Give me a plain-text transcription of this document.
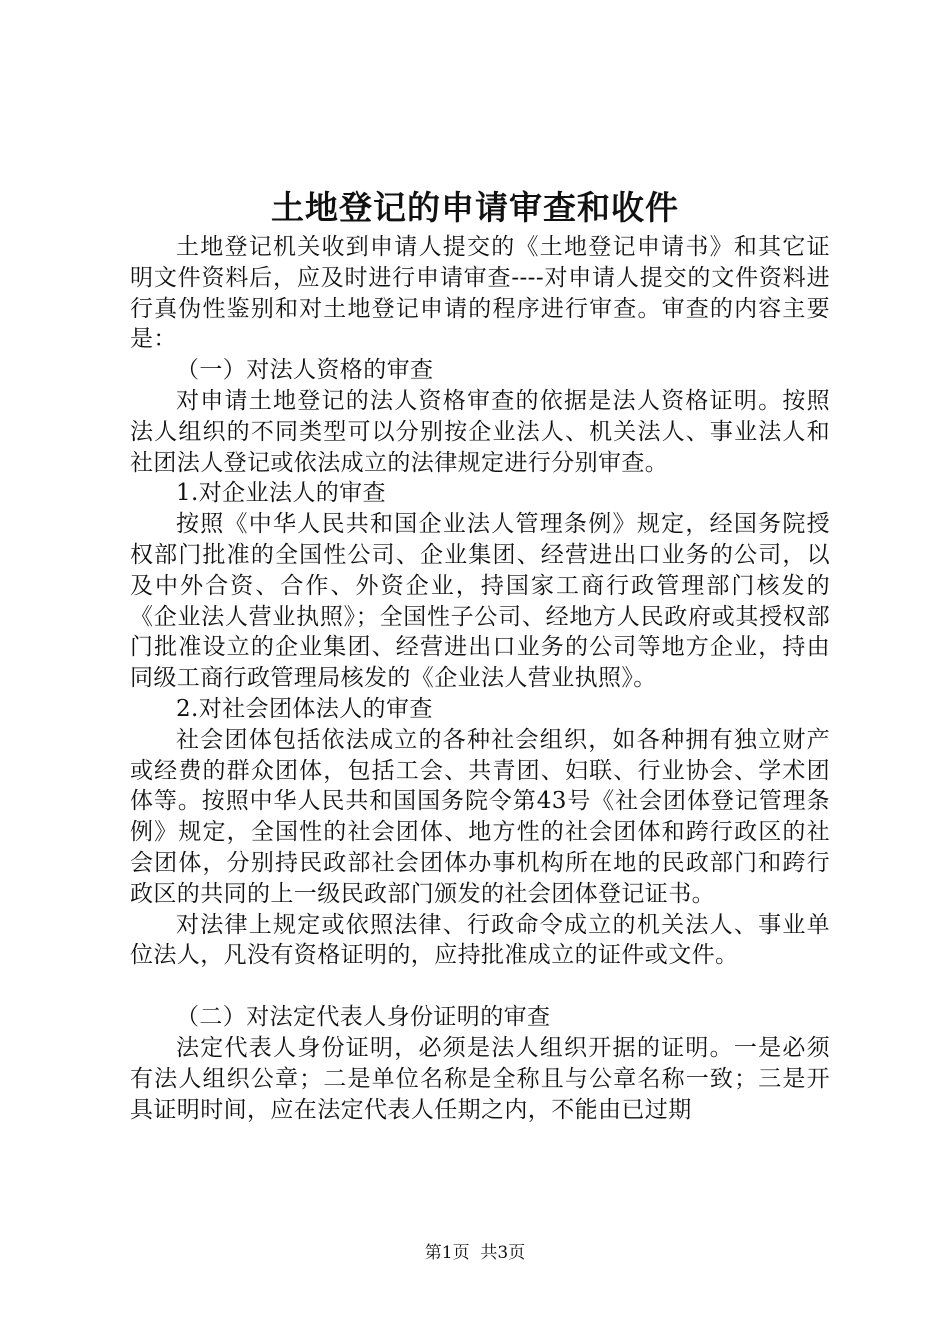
土地登记的申请审查和收件

土地登记机关收到申请人提交的《土地登记申请书》和其它证明文件资料后，应及时进行申请审查----对申请人提交的文件资料进行真伪性鉴别和对土地登记申请的程序进行审查。审查的内容主要是：

（一）对法人资格的审查

对申请土地登记的法人资格审查的依据是法人资格证明。按照法人组织的不同类型可以分别按企业法人、机关法人、事业法人和社团法人登记或依法成立的法律规定进行分别审查。

1.对企业法人的审查

按照《中华人民共和国企业法人管理条例》规定，经国务院授权部门批准的全国性公司、企业集团、经营进出口业务的公司，以及中外合资、合作、外资企业，持国家工商行政管理部门核发的《企业法人营业执照》；全国性子公司、经地方人民政府或其授权部门批准设立的企业集团、经营进出口业务的公司等地方企业，持由同级工商行政管理局核发的《企业法人营业执照》。

2.对社会团体法人的审查

社会团体包括依法成立的各种社会组织，如各种拥有独立财产或经费的群众团体，包括工会、共青团、妇联、行业协会、学术团体等。按照中华人民共和国国务院令第43号《社会团体登记管理条例》规定，全国性的社会团体、地方性的社会团体和跨行政区的社会团体，分别持民政部社会团体办事机构所在地的民政部门和跨行政区的共同的上一级民政部门颁发的社会团体登记证书。

对法律上规定或依照法律、行政命令成立的机关法人、事业单位法人，凡没有资格证明的，应持批准成立的证件或文件。

（二）对法定代表人身份证明的审查

法定代表人身份证明，必须是法人组织开据的证明。一是必须有法人组织公章；二是单位名称是全称且与公章名称一致；三是开具证明时间，应在法定代表人任期之内，不能由已过期

第1页  共3页
